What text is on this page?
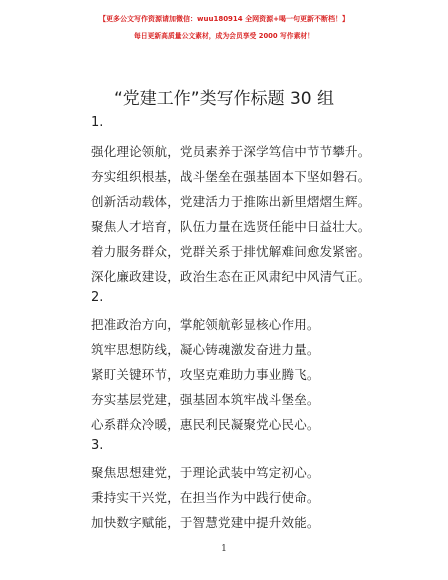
【更多公文写作资源请加微信：wuu180914 全网资源+喝一句更新不断档！】
每日更新高质量公文素材，成为会员享受 2000 写作素材！
“党建工作”类写作标题 30 组
1.
强化理论领航，党员素养于深学笃信中节节攀升。
夯实组织根基，战斗堡垒在强基固本下坚如磐石。
创新活动载体，党建活力于推陈出新里熠熠生辉。
聚焦人才培育，队伍力量在选贤任能中日益壮大。
着力服务群众，党群关系于排忧解难间愈发紧密。
深化廉政建设，政治生态在正风肃纪中风清气正。
2.
把准政治方向，掌舵领航彰显核心作用。
筑牢思想防线，凝心铸魂激发奋进力量。
紧盯关键环节，攻坚克难助力事业腾飞。
夯实基层党建，强基固本筑牢战斗堡垒。
心系群众冷暖，惠民利民凝聚党心民心。
3.
聚焦思想建党，于理论武装中笃定初心。
秉持实干兴党，在担当作为中践行使命。
加快数字赋能，于智慧党建中提升效能。
1
